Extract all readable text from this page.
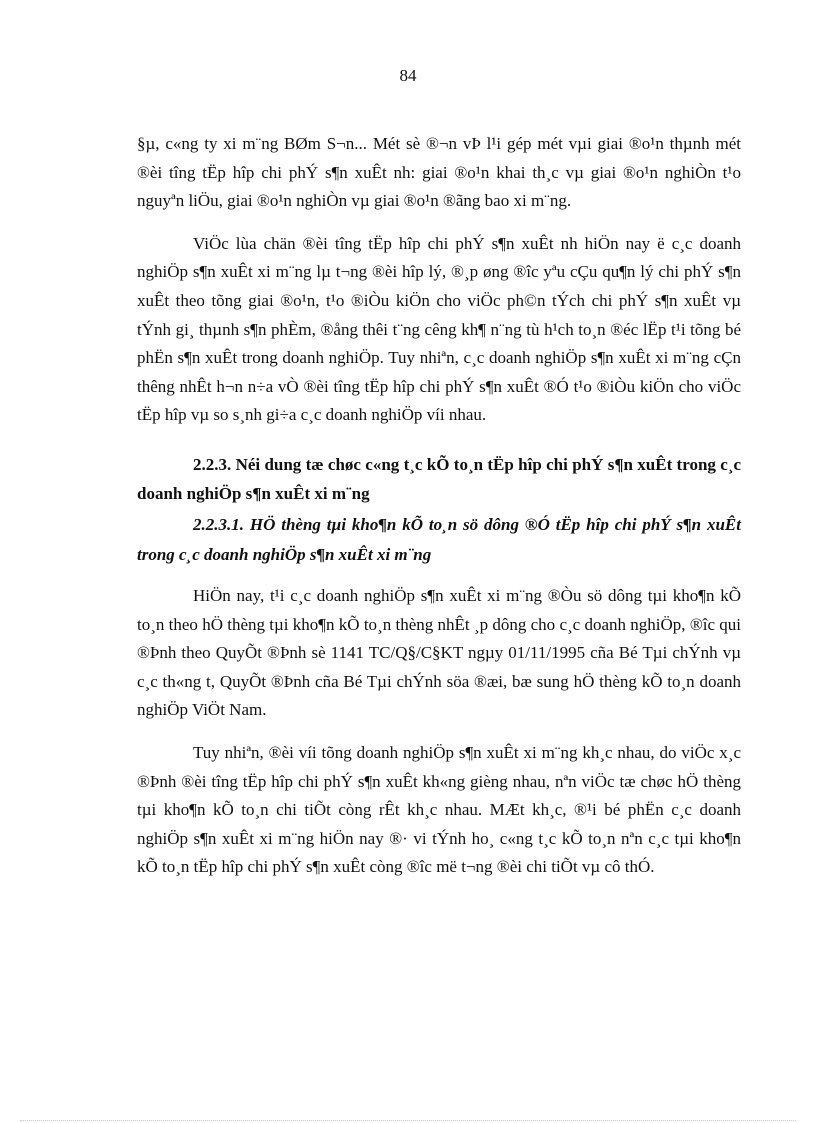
84

§µ, c«ng ty xi m¨ng BØm S¬n... Mét sè ®¬n vÞ l¹i gép mét vµi giai ®o¹n thµnh mét ®èi tîng tËp hîp chi phÝ s¶n xuÊt nh: giai ®o¹n khai th¸c vµ giai ®o¹n nghiÒn t¹o nguyªn liÖu, giai ®o¹n nghiÒn vµ giai ®o¹n ®ãng bao xi m¨ng.

ViÖc lùa chän ®èi tîng tËp hîp chi phÝ s¶n xuÊt nh hiÖn nay ë c¸c doanh nghiÖp s¶n xuÊt xi m¨ng lµ t¬ng ®èi hîp lý, ®¸p øng ®îc yªu cÇu qu¶n lý chi phÝ s¶n xuÊt theo tõng giai ®o¹n, t¹o ®iÒu kiÖn cho viÖc ph©n tÝch chi phÝ s¶n xuÊt vµ tÝnh gi¸ thµnh s¶n phÈm, ®ång thêi t¨ng cêng kh¶ n¨ng tù h¹ch to¸n ®éc lËp t¹i tõng bé phËn s¶n xuÊt trong doanh nghiÖp. Tuy nhiªn, c¸c doanh nghiÖp s¶n xuÊt xi m¨ng cÇn thêng nhÊt h¬n n÷a vÒ ®èi tîng tËp hîp chi phÝ s¶n xuÊt ®Ó t¹o ®iÒu kiÖn cho viÖc tËp hîp vµ so s¸nh gi÷a c¸c doanh nghiÖp víi nhau.

2.2.3. Néi dung tæ chøc c«ng t¸c kÕ to¸n tËp hîp chi phÝ s¶n xuÊt trong c¸c doanh nghiÖp s¶n xuÊt xi m¨ng

2.2.3.1. HÖ thèng tµi kho¶n kÕ to¸n sö dông ®Ó tËp hîp chi phÝ s¶n xuÊt trong c¸c doanh nghiÖp s¶n xuÊt xi m¨ng

HiÖn nay, t¹i c¸c doanh nghiÖp s¶n xuÊt xi m¨ng ®Òu sö dông tµi kho¶n kÕ to¸n theo hÖ thèng tµi kho¶n kÕ to¸n thèng nhÊt ¸p dông cho c¸c doanh nghiÖp, ®îc qui ®Þnh theo QuyÕt ®Þnh sè 1141 TC/Q§/C§KT ngµy 01/11/1995 cña Bé Tµi chÝnh vµ c¸c th«ng t, QuyÕt ®Þnh cña Bé Tµi chÝnh söa ®æi, bæ sung hÖ thèng kÕ to¸n doanh nghiÖp ViÖt Nam.

Tuy nhiªn, ®èi víi tõng doanh nghiÖp s¶n xuÊt xi m¨ng kh¸c nhau, do viÖc x¸c ®Þnh ®èi tîng tËp hîp chi phÝ s¶n xuÊt kh«ng gièng nhau, nªn viÖc tæ chøc hÖ thèng tµi kho¶n kÕ to¸n chi tiÕt còng rÊt kh¸c nhau. MÆt kh¸c, ®¹i bé phËn c¸c doanh nghiÖp s¶n xuÊt xi m¨ng hiÖn nay ®· vi tÝnh ho¸ c«ng t¸c kÕ to¸n nªn c¸c tµi kho¶n kÕ to¸n tËp hîp chi phÝ s¶n xuÊt còng ®îc më t¬ng ®èi chi tiÕt vµ cô thÓ.
